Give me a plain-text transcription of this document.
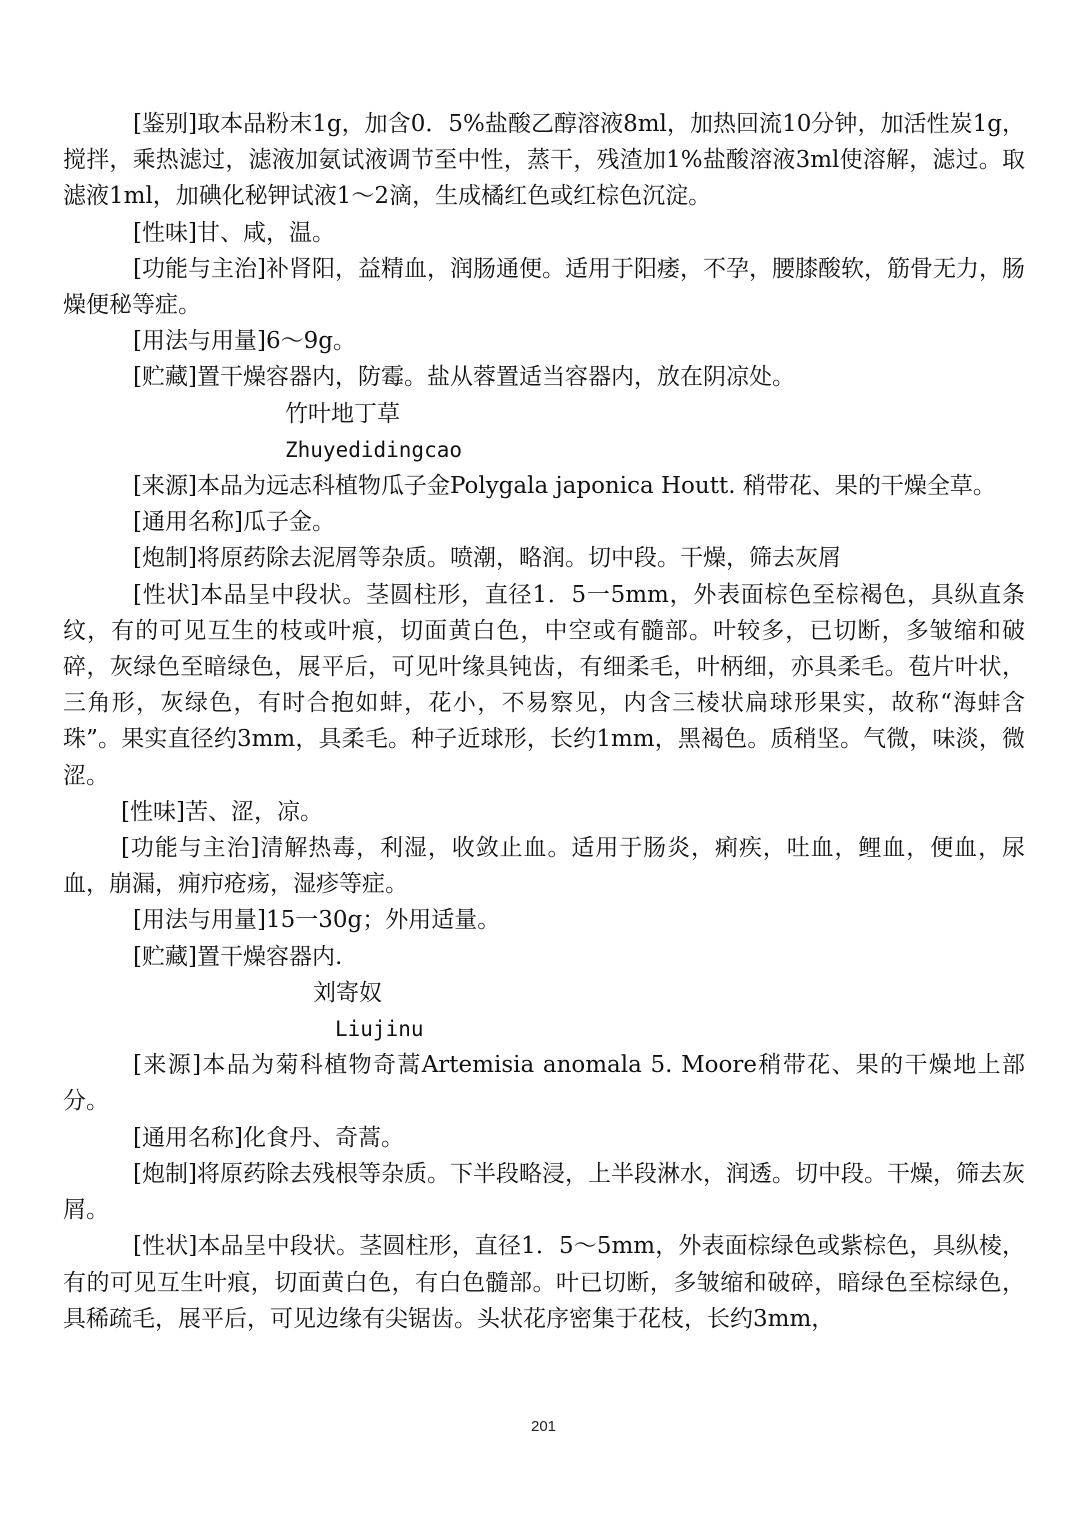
[鉴别]取本品粉末1g，加含0．5%盐酸乙醇溶液8ml，加热回流10分钟，加活性炭1g，搅拌，乘热滤过，滤液加氨试液调节至中性，蒸干，残渣加1%盐酸溶液3ml使溶解，滤过。取滤液1ml，加碘化秘钾试液1～2滴，生成橘红色或红棕色沉淀。

[性味]甘、咸，温。

[功能与主治]补肾阳，益精血，润肠通便。适用于阳痿，不孕，腰膝酸软，筋骨无力，肠燥便秘等症。

[用法与用量]6～9g。

[贮藏]置干燥容器内，防霉。盐从蓉置适当容器内，放在阴凉处。

竹叶地丁草

Zhuyedidingcao

[来源]本品为远志科植物瓜子金Polygala japonica Houtt. 稍带花、果的干燥全草。

[通用名称]瓜子金。

[炮制]将原药除去泥屑等杂质。喷潮，略润。切中段。干燥，筛去灰屑

[性状]本品呈中段状。茎圆柱形，直径1．5一5mm，外表面棕色至棕褐色，具纵直条纹，有的可见互生的枝或叶痕，切面黄白色，中空或有髓部。叶较多，已切断，多皱缩和破碎，灰绿色至暗绿色，展平后，可见叶缘具钝齿，有细柔毛，叶柄细，亦具柔毛。苞片叶状，三角形，灰绿色，有时合抱如蚌，花小，不易察见，内含三棱状扁球形果实，故称“海蚌含珠”。果实直径约3mm，具柔毛。种子近球形，长约1mm，黑褐色。质稍坚。气微，味淡，微涩。

[性味]苦、涩，凉。

[功能与主治]清解热毒，利湿，收敛止血。适用于肠炎，痢疾，吐血，鲤血，便血，尿血，崩漏，痈疖疮疡，湿疹等症。

[用法与用量]15一30g；外用适量。

[贮藏]置干燥容器内.

刘寄奴

Liujinu

[来源]本品为菊科植物奇蒿Artemisia anomala 5. Moore稍带花、果的干燥地上部分。

[通用名称]化食丹、奇蒿。

[炮制]将原药除去残根等杂质。下半段略浸，上半段淋水，润透。切中段。干燥，筛去灰屑。

[性状]本品呈中段状。茎圆柱形，直径1．5～5mm，外表面棕绿色或紫棕色，具纵棱，有的可见互生叶痕，切面黄白色，有白色髓部。叶已切断，多皱缩和破碎，暗绿色至棕绿色，具稀疏毛，展平后，可见边缘有尖锯齿。头状花序密集于花枝，长约3mm，

201
